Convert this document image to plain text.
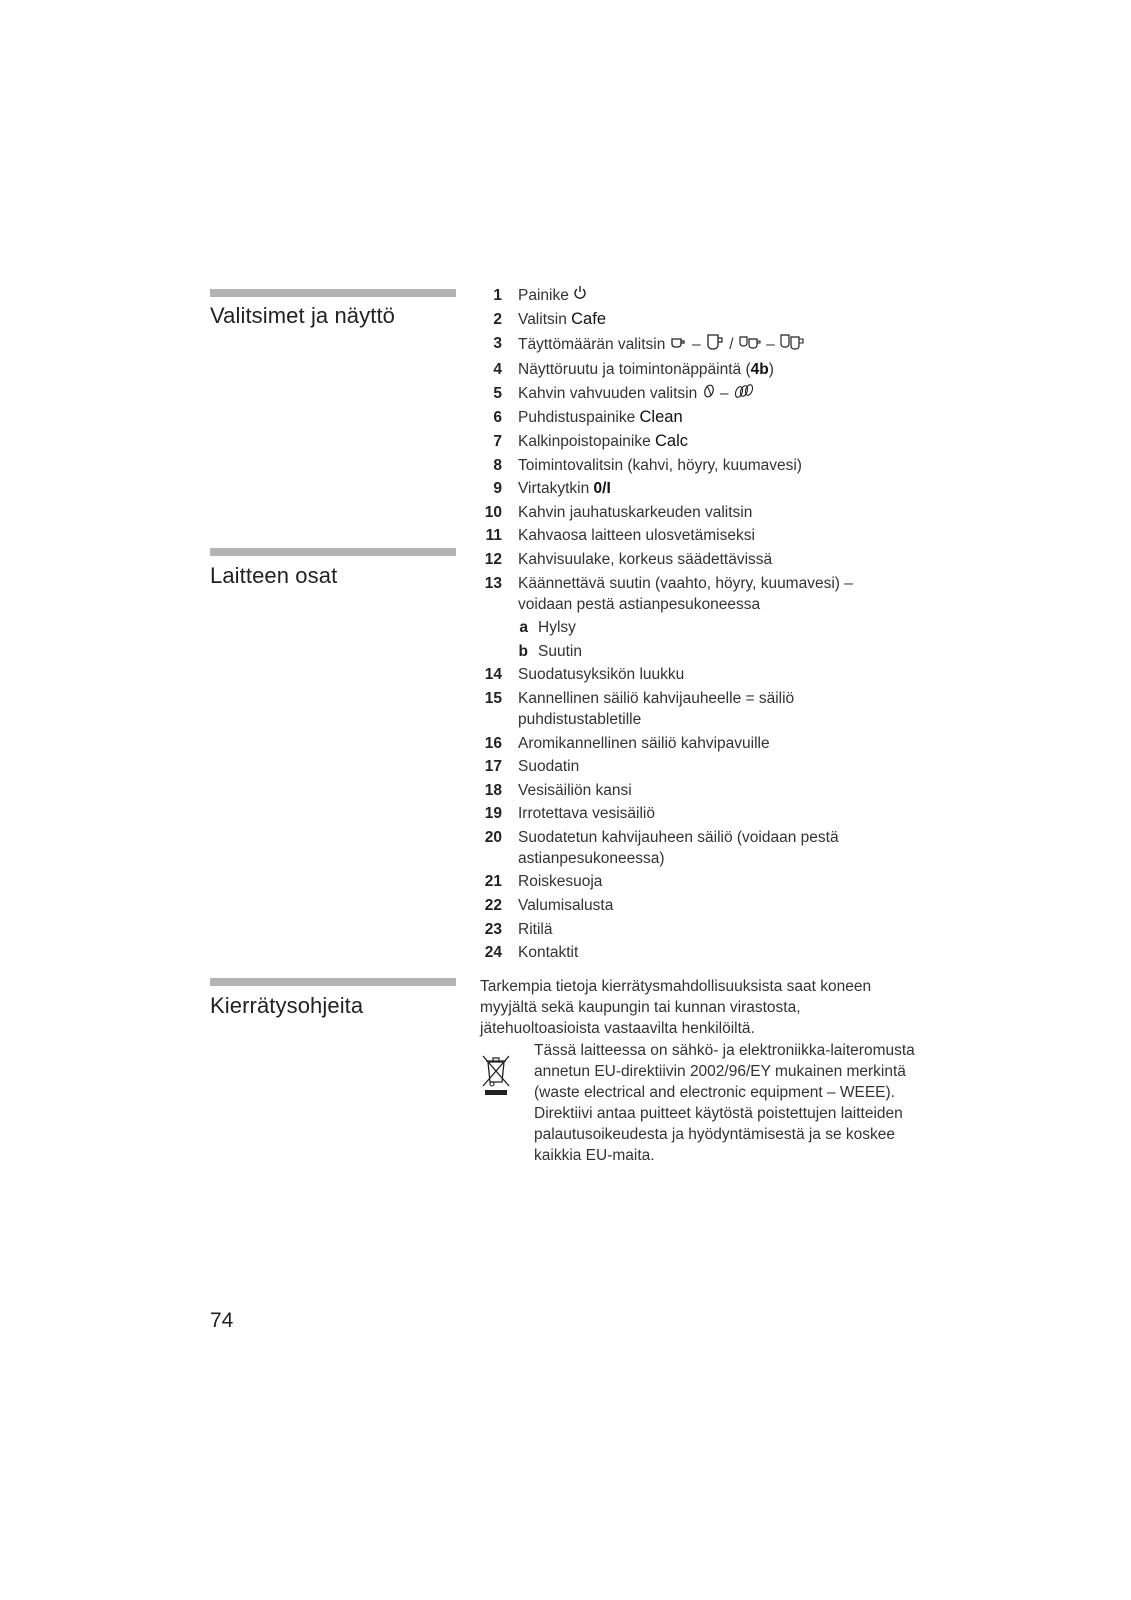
Valitsimet ja näyttö
Laitteen osat
Kierrätysohjeita
1 Painike
2 Valitsin Cafe
3 Täyttömäärän valitsin – / –
4 Näyttöruutu ja toimintonäppäintä (4b)
5 Kahvin vahvuuden valitsin –
6 Puhdistuspainike Clean
7 Kalkinpoistopainike Calc
8 Toimintovalitsin (kahvi, höyry, kuumavesi)
9 Virtakytkin 0/I
10 Kahvin jauhatuskarkeuden valitsin
11 Kahvaosa laitteen ulosvetämiseksi
12 Kahvisuulake, korkeus säädettävissä
13 Käännettävä suutin (vaahto, höyry, kuumavesi) – voidaan pestä astianpesukoneessa
a Hylsy
b Suutin
14 Suodatusyksikön luukku
15 Kannellinen säiliö kahvijauheelle = säiliö puhdistustabletille
16 Aromikannellinen säiliö kahvipavuille
17 Suodatin
18 Vesisäiliön kansi
19 Irrotettava vesisäiliö
20 Suodatetun kahvijauheen säiliö (voidaan pestä astianpesukoneessa)
21 Roiskesuoja
22 Valumisalusta
23 Ritilä
24 Kontaktit

Tarkempia tietoja kierrätysmahdollisuuksista saat koneen myyjältä sekä kaupungin tai kunnan virastosta, jätehuoltoasioista vastaavilta henkilöiltä.

Tässä laitteessa on sähkö- ja elektroniikka-laiteromusta annetun EU-direktiivin 2002/96/EY mukainen merkintä (waste electrical and electronic equipment – WEEE). Direktiivi antaa puitteet käytöstä poistettujen laitteiden palautusoikeudesta ja hyödyntämisestä ja se koskee kaikkia EU-maita.

74
